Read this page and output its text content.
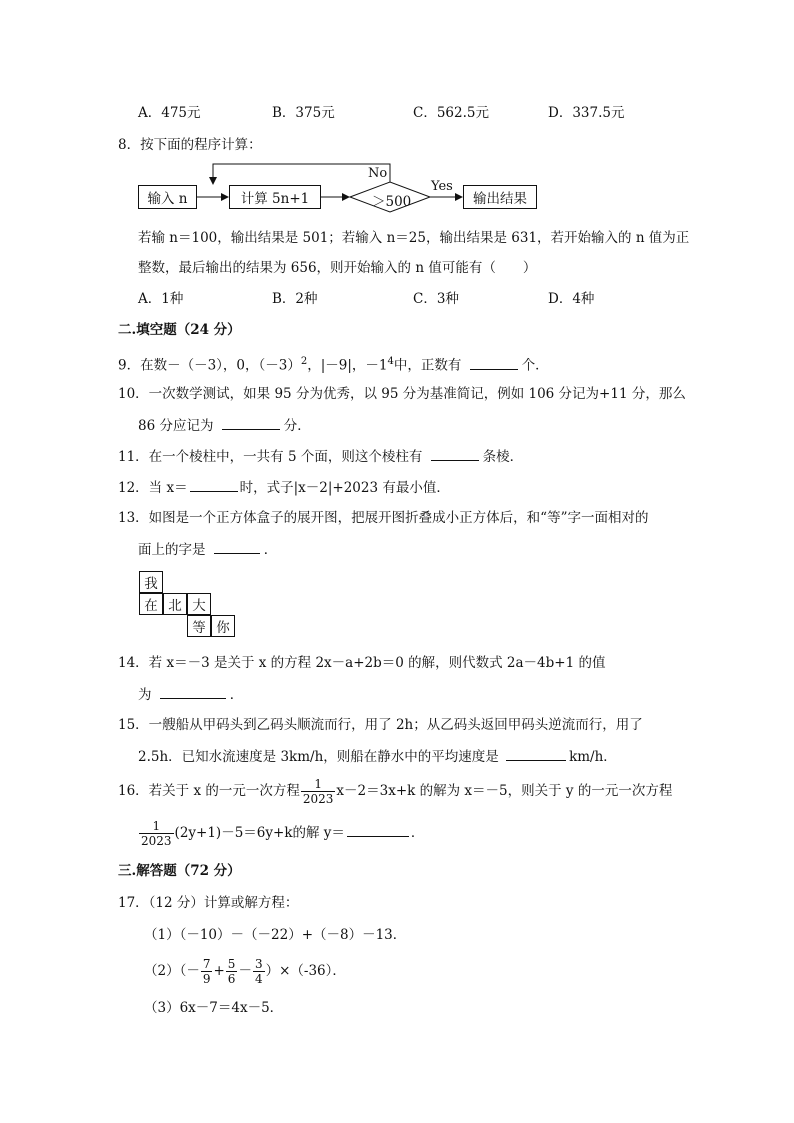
A．475元	B．375元	C．562.5元	D．337.5元
8．按下面的程序计算：
输入 n	计算 5n+1	输出结果
＞500
No
Yes
若输 n＝100，输出结果是 501；若输入 n＝25，输出结果是 631，若开始输入的 n 值为正
整数，最后输出的结果为 656，则开始输入的 n 值可能有（　　）
A．1种	B．2种	C．3种	D．4种
二.填空题（24 分）
9．在数－（－3），0，$(-3)^2$，|－9|，$-1^4$中，正数有	个．
10．一次数学测试，如果 95 分为优秀，以 95 分为基准简记，例如 106 分记为+11 分，那么
86 分应记为	分．
11．在一个棱柱中，一共有 5 个面，则这个棱柱有	条棱．
12．当 x＝	时，式子|x－2|+2023 有最小值．
13．如图是一个正方体盒子的展开图，把展开图折叠成小正方体后，和“等”字一面相对的
面上的字是	．
我
在 北 大
等 你
14．若 x＝－3 是关于 x 的方程 2x－a+2b＝0 的解，则代数式 2a－4b+1 的值
为	．
15．一艘船从甲码头到乙码头顺流而行，用了 2h；从乙码头返回甲码头逆流而行，用了
2.5h．已知水流速度是 3km/h，则船在静水中的平均速度是	km/h．
16．若关于 x 的一元一次方程 $\frac{1}{2023} x-2=3x+k$ 的解为 x＝－5，则关于 y 的一元一次方程
$\frac{1}{2023} (2y+1)-5=6y+k$的解 y＝	．
三.解答题（72 分）
17．（12 分）计算或解方程：
（1）（－10）－（－22）+（－8）－13．
$(2)(- \frac{7}{9} + \frac{5}{6} - \frac{3}{4} )\times(-36)$．
（3）6x－7＝4x－5．
